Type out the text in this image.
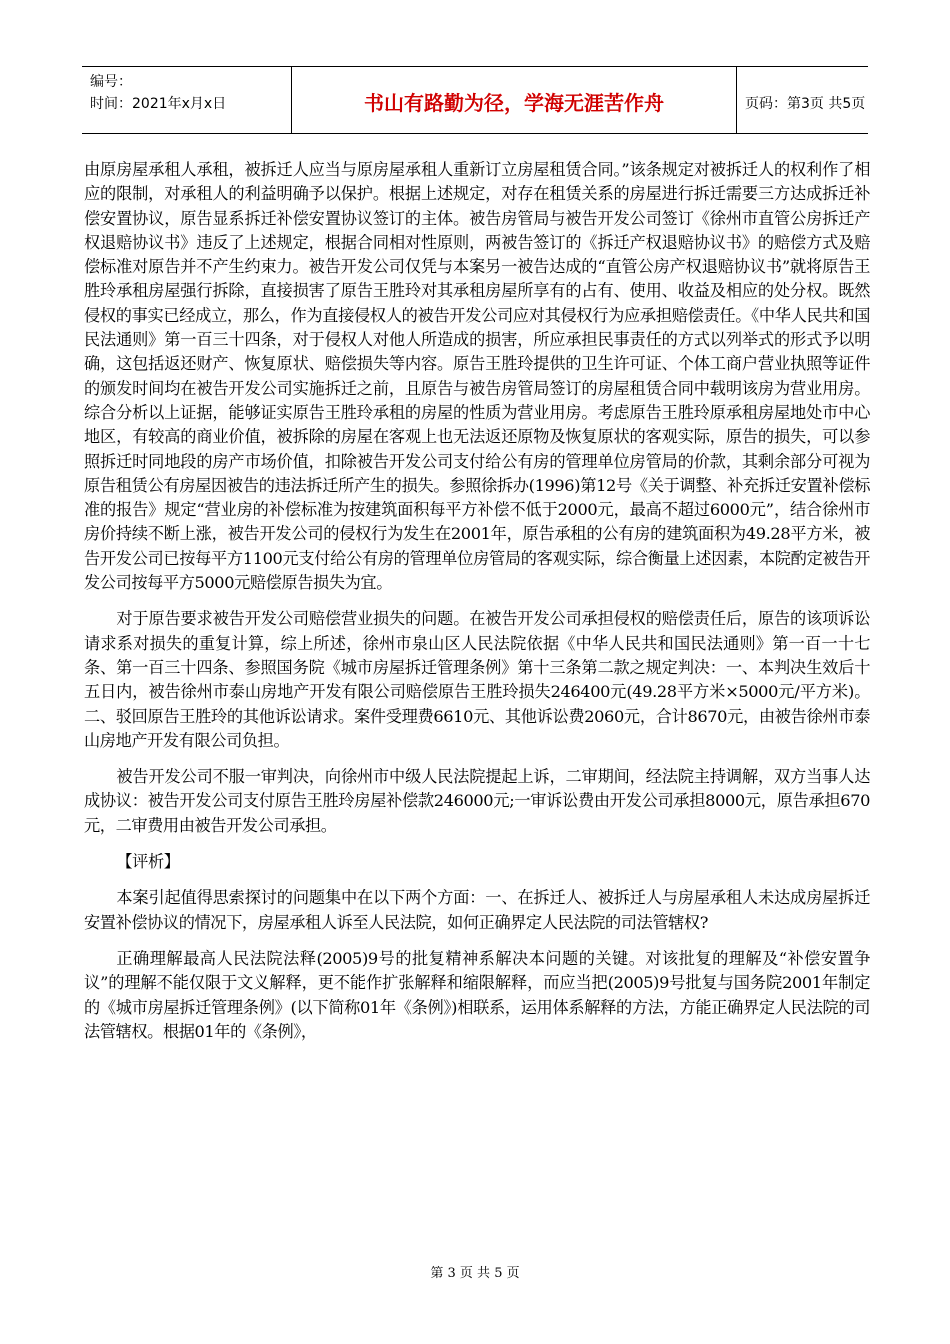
编号：
时间：2021年x月x日	书山有路勤为径，学海无涯苦作舟	页码：第3页 共5页

由原房屋承租人承租，被拆迁人应当与原房屋承租人重新订立房屋租赁合同。”该条规定对被拆迁人的权利作了相应的限制，对承租人的利益明确予以保护。根据上述规定，对存在租赁关系的房屋进行拆迁需要三方达成拆迁补偿安置协议，原告显系拆迁补偿安置协议签订的主体。被告房管局与被告开发公司签订《徐州市直管公房拆迁产权退赔协议书》违反了上述规定，根据合同相对性原则，两被告签订的《拆迁产权退赔协议书》的赔偿方式及赔偿标准对原告并不产生约束力。被告开发公司仅凭与本案另一被告达成的“直管公房产权退赔协议书”就将原告王胜玲承租房屋强行拆除，直接损害了原告王胜玲对其承租房屋所享有的占有、使用、收益及相应的处分权。既然侵权的事实已经成立，那么，作为直接侵权人的被告开发公司应对其侵权行为应承担赔偿责任。《中华人民共和国民法通则》第一百三十四条，对于侵权人对他人所造成的损害，所应承担民事责任的方式以列举式的形式予以明确，这包括返还财产、恢复原状、赔偿损失等内容。原告王胜玲提供的卫生许可证、个体工商户营业执照等证件的颁发时间均在被告开发公司实施拆迁之前，且原告与被告房管局签订的房屋租赁合同中载明该房为营业用房。综合分析以上证据，能够证实原告王胜玲承租的房屋的性质为营业用房。考虑原告王胜玲原承租房屋地处市中心地区，有较高的商业价值，被拆除的房屋在客观上也无法返还原物及恢复原状的客观实际，原告的损失，可以参照拆迁时同地段的房产市场价值，扣除被告开发公司支付给公有房的管理单位房管局的价款，其剩余部分可视为原告租赁公有房屋因被告的违法拆迁所产生的损失。参照徐拆办(1996)第12号《关于调整、补充拆迁安置补偿标准的报告》规定“营业房的补偿标准为按建筑面积每平方补偿不低于2000元，最高不超过6000元”，结合徐州市房价持续不断上涨，被告开发公司的侵权行为发生在2001年，原告承租的公有房的建筑面积为49.28平方米，被告开发公司已按每平方1100元支付给公有房的管理单位房管局的客观实际，综合衡量上述因素，本院酌定被告开发公司按每平方5000元赔偿原告损失为宜。

对于原告要求被告开发公司赔偿营业损失的问题。在被告开发公司承担侵权的赔偿责任后，原告的该项诉讼请求系对损失的重复计算，综上所述，徐州市泉山区人民法院依据《中华人民共和国民法通则》第一百一十七条、第一百三十四条、参照国务院《城市房屋拆迁管理条例》第十三条第二款之规定判决：一、本判决生效后十五日内，被告徐州市泰山房地产开发有限公司赔偿原告王胜玲损失246400元(49.28平方米×5000元/平方米)。二、驳回原告王胜玲的其他诉讼请求。案件受理费6610元、其他诉讼费2060元，合计8670元，由被告徐州市泰山房地产开发有限公司负担。

被告开发公司不服一审判决，向徐州市中级人民法院提起上诉，二审期间，经法院主持调解，双方当事人达成协议：被告开发公司支付原告王胜玲房屋补偿款246000元;一审诉讼费由开发公司承担8000元，原告承担670元，二审费用由被告开发公司承担。

【评析】

本案引起值得思索探讨的问题集中在以下两个方面：一、在拆迁人、被拆迁人与房屋承租人未达成房屋拆迁安置补偿协议的情况下，房屋承租人诉至人民法院，如何正确界定人民法院的司法管辖权?

正确理解最高人民法院法释(2005)9号的批复精神系解决本问题的关键。对该批复的理解及“补偿安置争议”的理解不能仅限于文义解释，更不能作扩张解释和缩限解释，而应当把(2005)9号批复与国务院2001年制定的《城市房屋拆迁管理条例》(以下简称01年《条例》)相联系，运用体系解释的方法，方能正确界定人民法院的司法管辖权。根据01年的《条例》，

第 3 页 共 5 页
